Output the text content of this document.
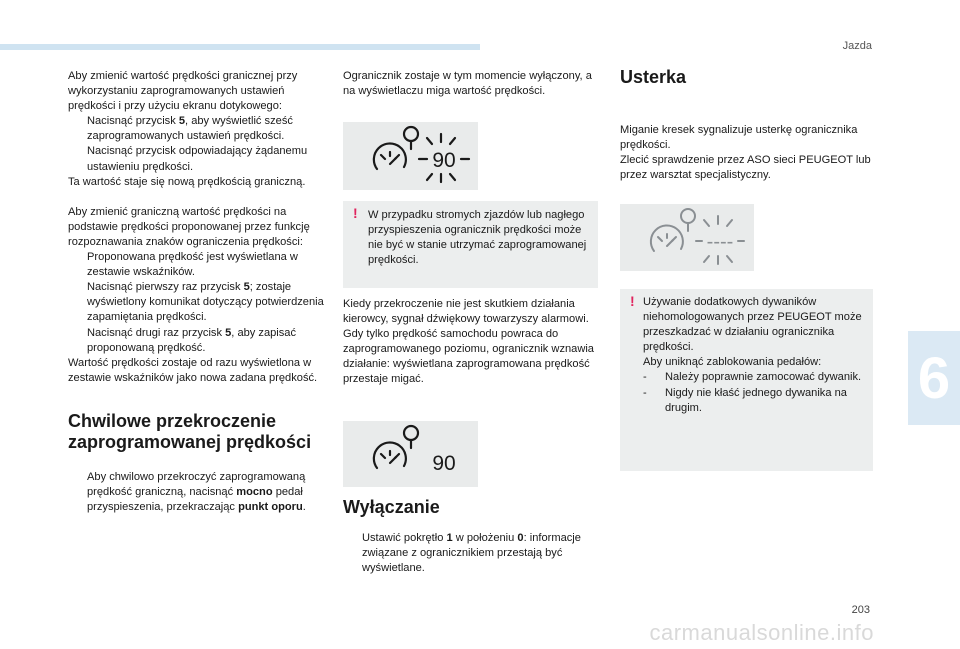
Jazda
6
203
carmanualsonline.info

Aby zmienić wartość prędkości granicznej przy wykorzystaniu zaprogramowanych ustawień prędkości i przy użyciu ekranu dotykowego:

Nacisnąć przycisk 5, aby wyświetlić sześć zaprogramowanych ustawień prędkości.

Nacisnąć przycisk odpowiadający żądanemu ustawieniu prędkości.

Ta wartość staje się nową prędkością graniczną.

Aby zmienić graniczną wartość prędkości na podstawie prędkości proponowanej przez funkcję rozpoznawania znaków ograniczenia prędkości:

Proponowana prędkość jest wyświetlana w zestawie wskaźników.

Nacisnąć pierwszy raz przycisk 5; zostaje wyświetlony komunikat dotyczący potwierdzenia zapamiętania prędkości.

Nacisnąć drugi raz przycisk 5, aby zapisać proponowaną prędkość.

Wartość prędkości zostaje od razu wyświetlona w zestawie wskaźników jako nowa zadana prędkość.

Chwilowe przekroczenie zaprogramowanej prędkości

Aby chwilowo przekroczyć zaprogramowaną prędkość graniczną, nacisnąć mocno pedał przyspieszenia, przekraczając punkt oporu.

Ogranicznik zostaje w tym momencie wyłączony, a na wyświetlaczu miga wartość prędkości.

90
! W przypadku stromych zjazdów lub nagłego przyspieszenia ogranicznik prędkości może nie być w stanie utrzymać zaprogramowanej prędkości.

Kiedy przekroczenie nie jest skutkiem działania kierowcy, sygnał dźwiękowy towarzyszy alarmowi.

Gdy tylko prędkość samochodu powraca do zaprogramowanego poziomu, ogranicznik wznawia działanie: wyświetlana zaprogramowana prędkość przestaje migać.

90
Wyłączanie

Ustawić pokrętło 1 w położeniu 0: informacje związane z ogranicznikiem przestają być wyświetlane.

Usterka

Miganie kresek sygnalizuje usterkę ogranicznika prędkości.

Zlecić sprawdzenie przez ASO sieci PEUGEOT lub przez warsztat specjalistyczny.

----
! Używanie dodatkowych dywaników niehomologowanych przez PEUGEOT może przeszkadzać w działaniu ogranicznika prędkości.

Aby uniknąć zablokowania pedałów:

- Należy poprawnie zamocować dywanik.

- Nigdy nie kłaść jednego dywanika na drugim.
